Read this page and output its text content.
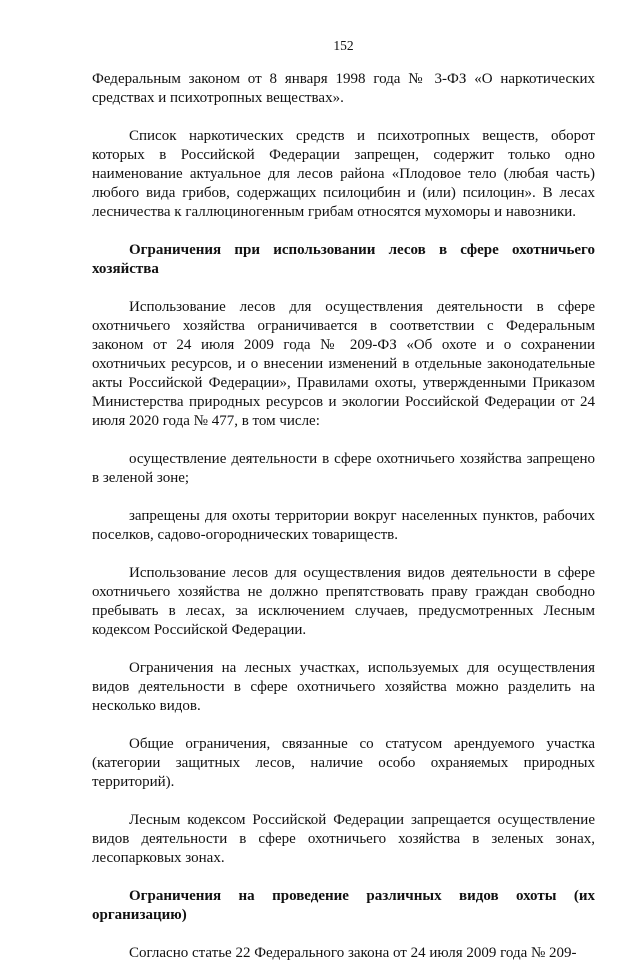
152

Федеральным законом от 8 января 1998 года № 3-ФЗ «О наркотических средствах и психотропных веществах».

Список наркотических средств и психотропных веществ, оборот которых в Российской Федерации запрещен, содержит только одно наименование актуальное для лесов района «Плодовое тело (любая часть) любого вида грибов, содержащих псилоцибин и (или) псилоцин». В лесах лесничества к галлюциногенным грибам относятся мухоморы и навозники.

Ограничения при использовании лесов в сфере охотничьего хозяйства

Использование лесов для осуществления деятельности в сфере охотничьего хозяйства ограничивается в соответствии с Федеральным законом от 24 июля 2009 года № 209-ФЗ «Об охоте и о сохранении охотничьих ресурсов, и о внесении изменений в отдельные законодательные акты Российской Федерации», Правилами охоты, утвержденными Приказом Министерства природных ресурсов и экологии Российской Федерации от 24 июля 2020 года № 477, в том числе:

осуществление деятельности в сфере охотничьего хозяйства запрещено в зеленой зоне;

запрещены для охоты территории вокруг населенных пунктов, рабочих поселков, садово-огороднических товариществ.

Использование лесов для осуществления видов деятельности в сфере охотничьего хозяйства не должно препятствовать праву граждан свободно пребывать в лесах, за исключением случаев, предусмотренных Лесным кодексом Российской Федерации.

Ограничения на лесных участках, используемых для осуществления видов деятельности в сфере охотничьего хозяйства можно разделить на несколько видов.

Общие ограничения, связанные со статусом арендуемого участка (категории защитных лесов, наличие особо охраняемых природных территорий).

Лесным кодексом Российской Федерации запрещается осуществление видов деятельности в сфере охотничьего хозяйства в зеленых зонах, лесопарковых зонах.

Ограничения на проведение различных видов охоты (их организацию)

Согласно статье 22 Федерального закона от 24 июля 2009 года № 209-
